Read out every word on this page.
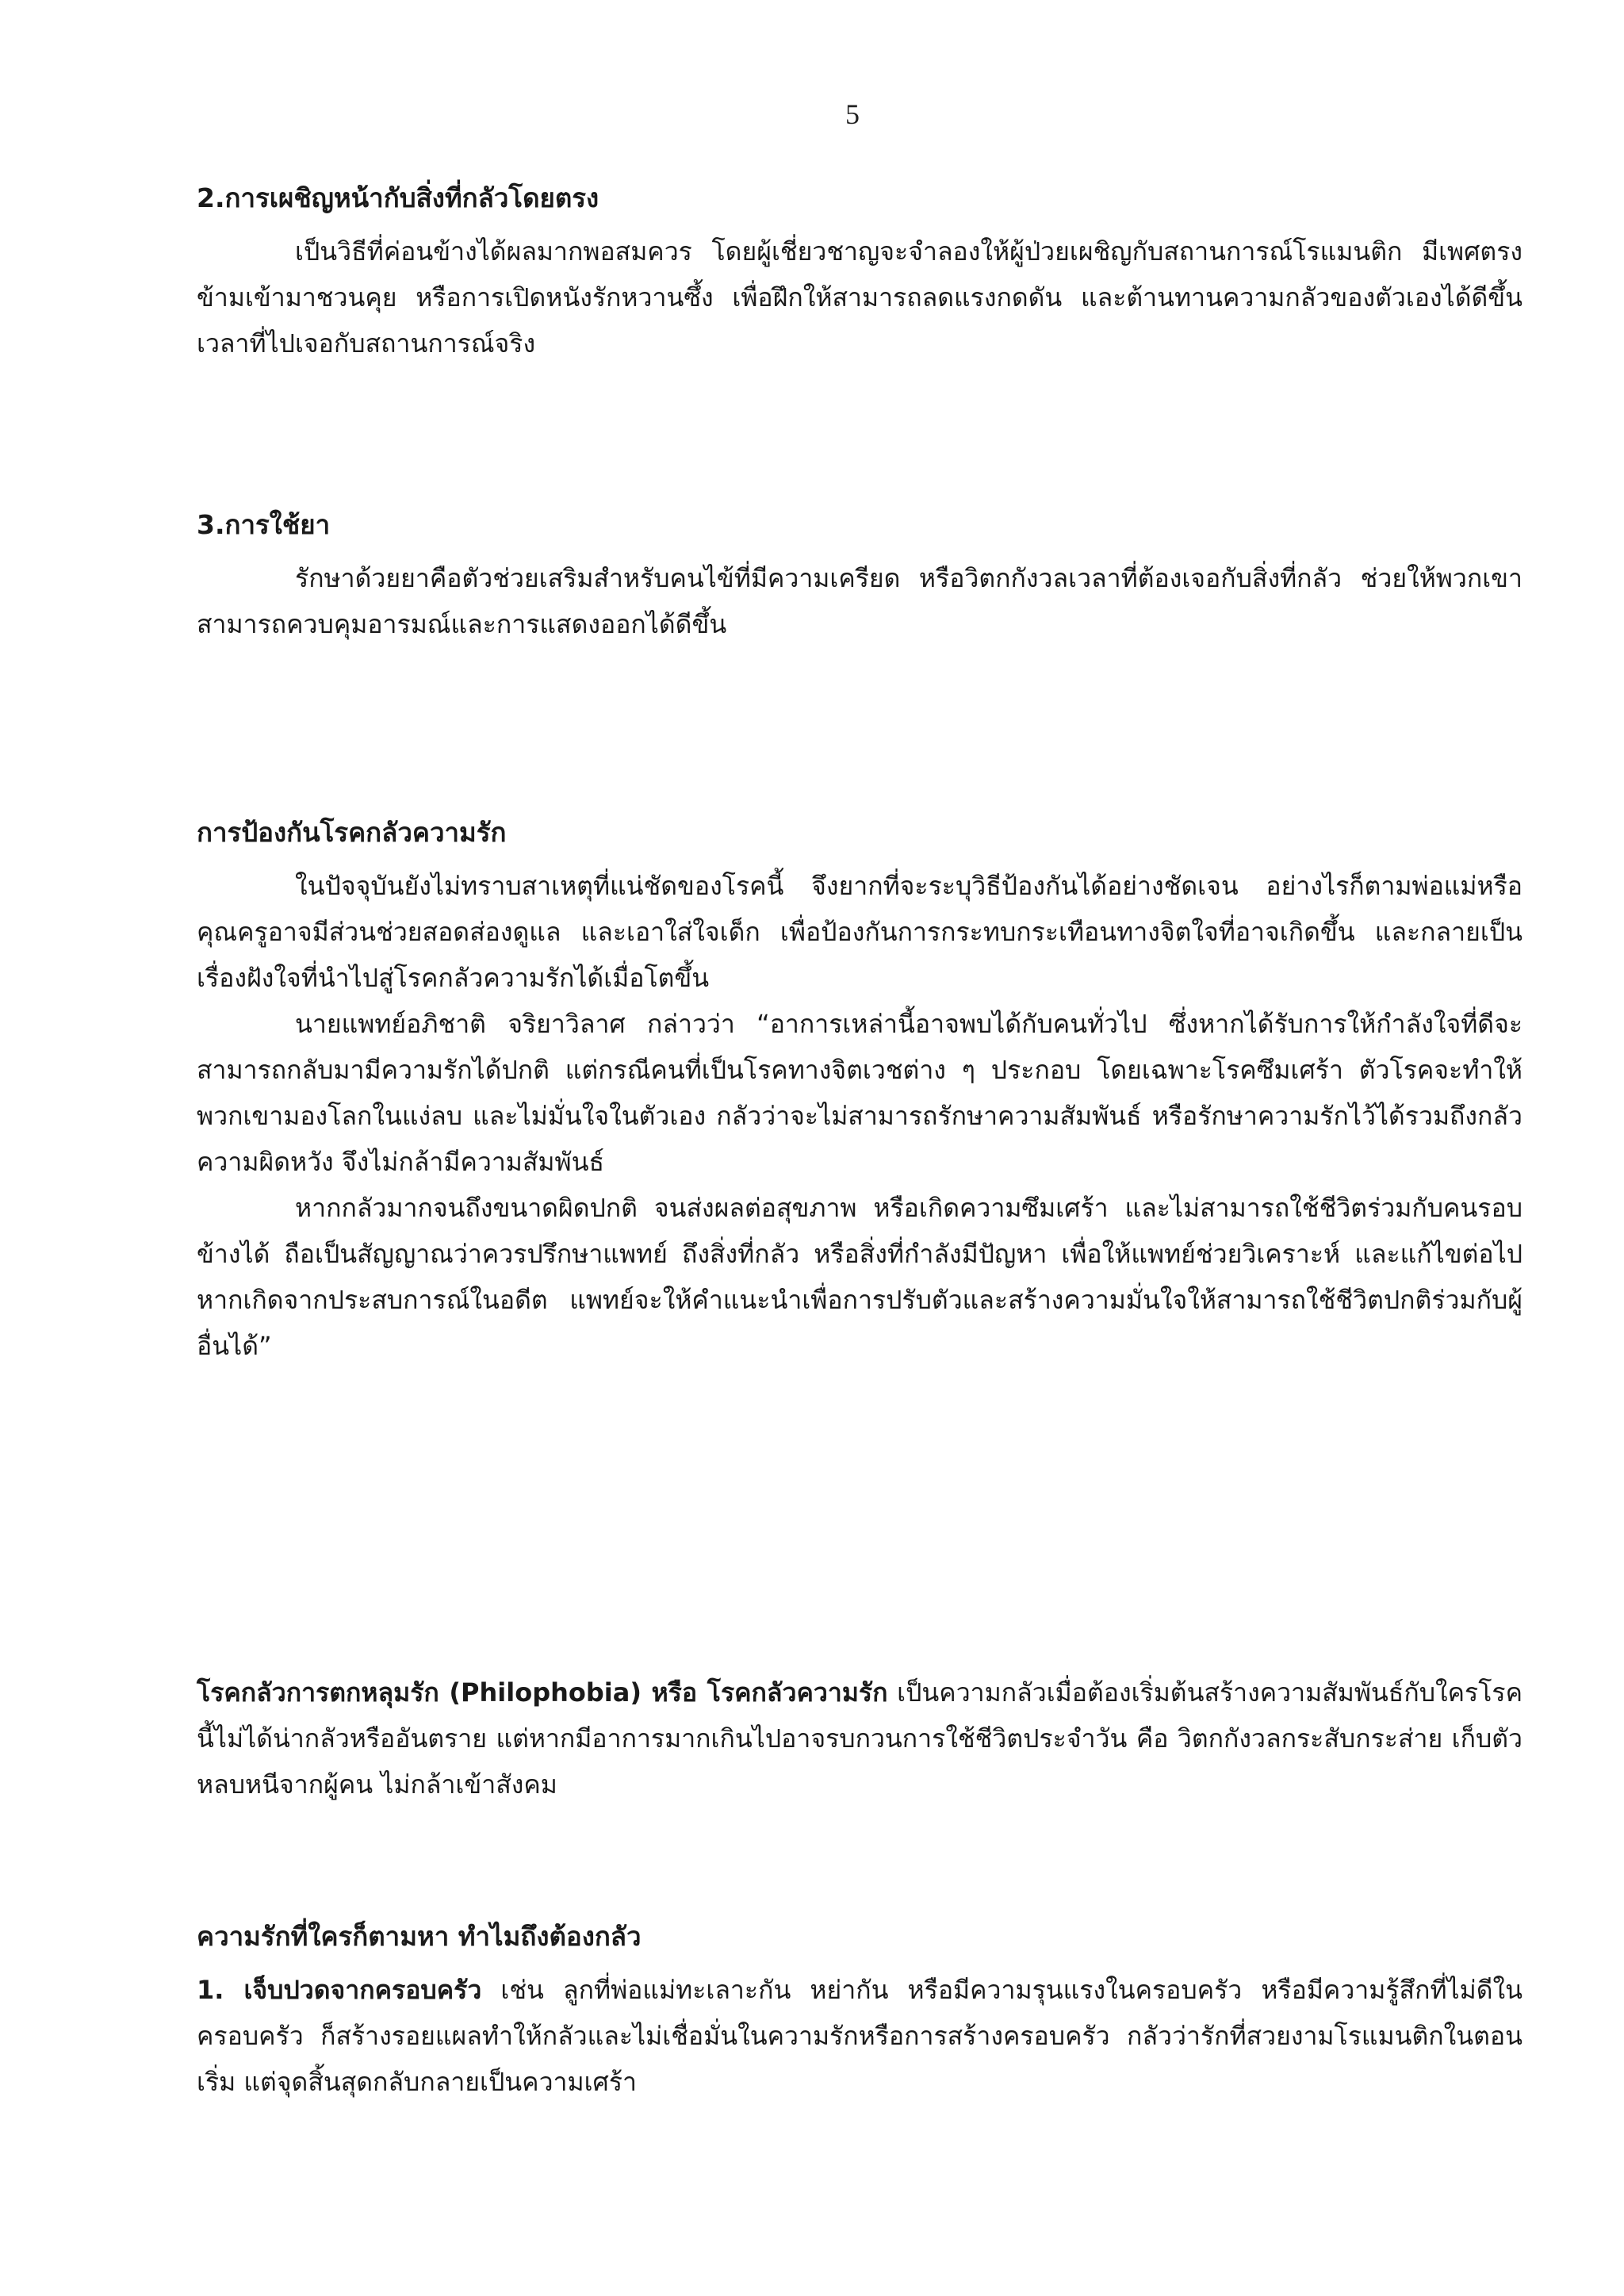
5

2.การเผชิญหน้ากับสิ่งที่กลัวโดยตรง

เป็นวิธีที่ค่อนข้างได้ผลมากพอสมควร โดยผู้เชี่ยวชาญจะจำลองให้ผู้ป่วยเผชิญกับสถานการณ์โรแมนติก มีเพศตรงข้ามเข้ามาชวนคุย หรือการเปิดหนังรักหวานซึ้ง เพื่อฝึกให้สามารถลดแรงกดดัน และต้านทานความกลัวของตัวเองได้ดีขึ้น เวลาที่ไปเจอกับสถานการณ์จริง

3.การใช้ยา

รักษาด้วยยาคือตัวช่วยเสริมสำหรับคนไข้ที่มีความเครียด หรือวิตกกังวลเวลาที่ต้องเจอกับสิ่งที่กลัว ช่วยให้พวกเขาสามารถควบคุมอารมณ์และการแสดงออกได้ดีขึ้น

การป้องกันโรคกลัวความรัก

ในปัจจุบันยังไม่ทราบสาเหตุที่แน่ชัดของโรคนี้ จึงยากที่จะระบุวิธีป้องกันได้อย่างชัดเจน อย่างไรก็ตามพ่อแม่หรือคุณครูอาจมีส่วนช่วยสอดส่องดูแล และเอาใส่ใจเด็ก เพื่อป้องกันการกระทบกระเทือนทางจิตใจที่อาจเกิดขึ้น และกลายเป็นเรื่องฝังใจที่นำไปสู่โรคกลัวความรักได้เมื่อโตขึ้น

นายแพทย์อภิชาติ จริยาวิลาศ กล่าวว่า “อาการเหล่านี้อาจพบได้กับคนทั่วไป ซึ่งหากได้รับการให้กำลังใจที่ดีจะสามารถกลับมามีความรักได้ปกติ แต่กรณีคนที่เป็นโรคทางจิตเวชต่าง ๆ ประกอบ โดยเฉพาะโรคซึมเศร้า ตัวโรคจะทำให้พวกเขามองโลกในแง่ลบ และไม่มั่นใจในตัวเอง กลัวว่าจะไม่สามารถรักษาความสัมพันธ์ หรือรักษาความรักไว้ได้รวมถึงกลัวความผิดหวัง จึงไม่กล้ามีความสัมพันธ์

หากกลัวมากจนถึงขนาดผิดปกติ จนส่งผลต่อสุขภาพ หรือเกิดความซึมเศร้า และไม่สามารถใช้ชีวิตร่วมกับคนรอบข้างได้ ถือเป็นสัญญาณว่าควรปรึกษาแพทย์ ถึงสิ่งที่กลัว หรือสิ่งที่กำลังมีปัญหา เพื่อให้แพทย์ช่วยวิเคราะห์ และแก้ไขต่อไป หากเกิดจากประสบการณ์ในอดีต แพทย์จะให้คำแนะนำเพื่อการปรับตัวและสร้างความมั่นใจให้สามารถใช้ชีวิตปกติร่วมกับผู้อื่นได้”

โรคกลัวการตกหลุมรัก (Philophobia) หรือ โรคกลัวความรัก เป็นความกลัวเมื่อต้องเริ่มต้นสร้างความสัมพันธ์กับใครโรคนี้ไม่ได้น่ากลัวหรืออันตราย แต่หากมีอาการมากเกินไปอาจรบกวนการใช้ชีวิตประจำวัน คือ วิตกกังวลกระสับกระส่าย เก็บตัว หลบหนีจากผู้คน ไม่กล้าเข้าสังคม

ความรักที่ใครก็ตามหา ทำไมถึงต้องกลัว

1. เจ็บปวดจากครอบครัว เช่น ลูกที่พ่อแม่ทะเลาะกัน หย่ากัน หรือมีความรุนแรงในครอบครัว หรือมีความรู้สึกที่ไม่ดีในครอบครัว ก็สร้างรอยแผลทำให้กลัวและไม่เชื่อมั่นในความรักหรือการสร้างครอบครัว กลัวว่ารักที่สวยงามโรแมนติกในตอนเริ่ม แต่จุดสิ้นสุดกลับกลายเป็นความเศร้า
